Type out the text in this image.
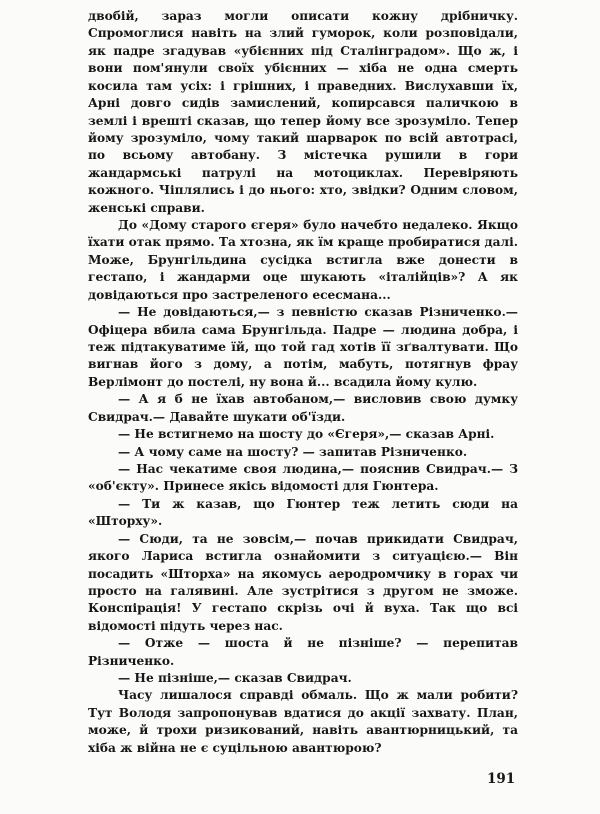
двобій, зараз могли описати кожну дрібничку. Спромоглися навіть на злий гуморок, коли розповідали, як падре згадував «убієнних під Сталінградом». Що ж, і вони пом'янули своїх убієнних — хіба не одна смерть косила там усіх: і грішних, і праведних. Вислухавши їх, Арні довго сидів замислений, копирсався паличкою в землі і врешті сказав, що тепер йому все зрозуміло. Тепер йому зрозуміло, чому такий шарварок по всій автотрасі, по всьому автобану. З містечка рушили в гори жандармські патрулі на мотоциклах. Перевіряють кожного. Чіплялись і до нього: хто, звідки? Одним словом, женські справи.

До «Дому старого єгеря» було начебто недалеко. Якщо їхати отак прямо. Та хтозна, як їм краще пробиратися далі. Може, Брунгільдина сусідка встигла вже донести в гестапо, і жандарми оце шукають «італійців»? А як довідаються про застреленого есесмана...

— Не довідаються,— з певністю сказав Різниченко.— Офіцера вбила сама Брунгільда. Падре — людина добра, і теж підтакуватиме їй, що той гад хотів її зґвалтувати. Що вигнав його з дому, а потім, мабуть, потягнув фрау Верлімонт до постелі, ну вона й... всадила йому кулю.

— А я б не їхав автобаном,— висловив свою думку Свидрач.— Давайте шукати об'їзди.

— Не встигнемо на шосту до «Єгеря»,— сказав Арні.

— А чому саме на шосту? — запитав Різниченко.

— Нас чекатиме своя людина,— пояснив Свидрач.— З «об'єкту». Принесе якісь відомості для Гюнтера.

— Ти ж казав, що Гюнтер теж летить сюди на «Шторху».

— Сюди, та не зовсім,— почав прикидати Свидрач, якого Лариса встигла ознайомити з ситуацією.— Він посадить «Шторха» на якомусь аеродромчику в горах чи просто на галявині. Але зустрітися з другом не зможе. Конспірація! У гестапо скрізь очі й вуха. Так що всі відомості підуть через нас.

— Отже — шоста й не пізніше? — перепитав Різниченко.

— Не пізніше,— сказав Свидрач.

Часу лишалося справді обмаль. Що ж мали робити? Тут Володя запропонував вдатися до акції захвату. План, може, й трохи ризикований, навіть авантюрницький, та хіба ж війна не є суцільною авантюрою?

191
